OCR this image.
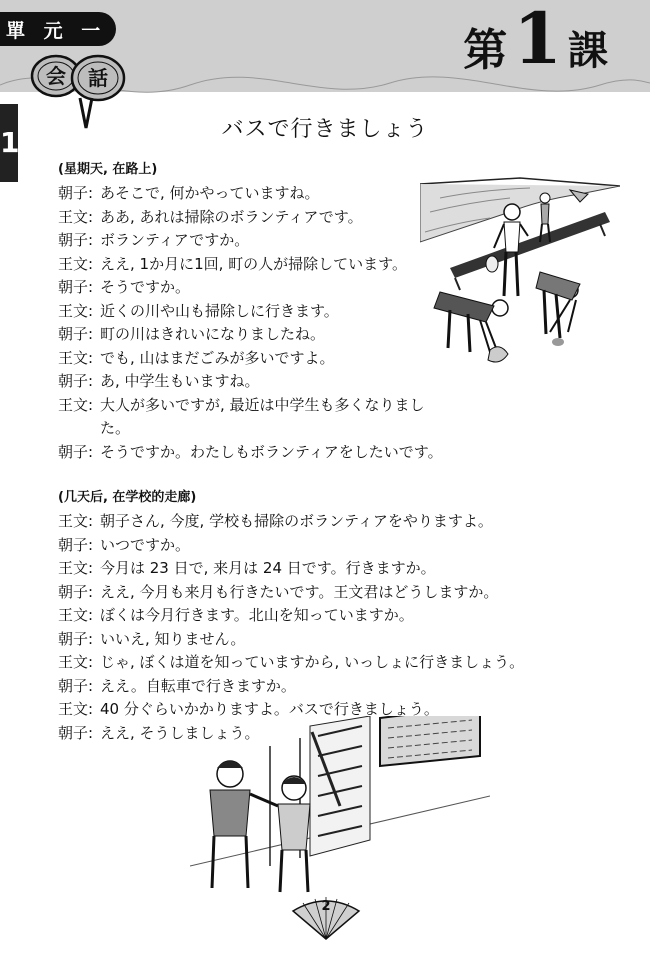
單 元 一	第 1 課
会 話
1	バスで行きましょう
(星期天, 在路上)
朝子: あそこで, 何かやっていますね。
王文: ああ, あれは掃除のボランティアです。
朝子: ボランティアですか。
王文: ええ, 1か月に1回, 町の人が掃除しています。
朝子: そうですか。
王文: 近くの川や山も掃除しに行きます。
朝子: 町の川はきれいになりましたね。
王文: でも, 山はまだごみが多いですよ。
朝子: あ, 中学生もいますね。
王文: 大人が多いですが, 最近は中学生も多くなりました。
朝子: そうですか。わたしもボランティアをしたいです。
(几天后, 在学校的走廊)
王文: 朝子さん, 今度, 学校も掃除のボランティアをやりますよ。
朝子: いつですか。
王文: 今月は 23 日で, 来月は 24 日です。行きますか。
朝子: ええ, 今月も来月も行きたいです。王文君はどうしますか。
王文: ぼくは今月行きます。北山を知っていますか。
朝子: いいえ, 知りません。
王文: じゃ, ぼくは道を知っていますから, いっしょに行きましょう。
朝子: ええ。自転車で行きますか。
王文: 40 分ぐらいかかりますよ。バスで行きましょう。
朝子: ええ, そうしましょう。
2
